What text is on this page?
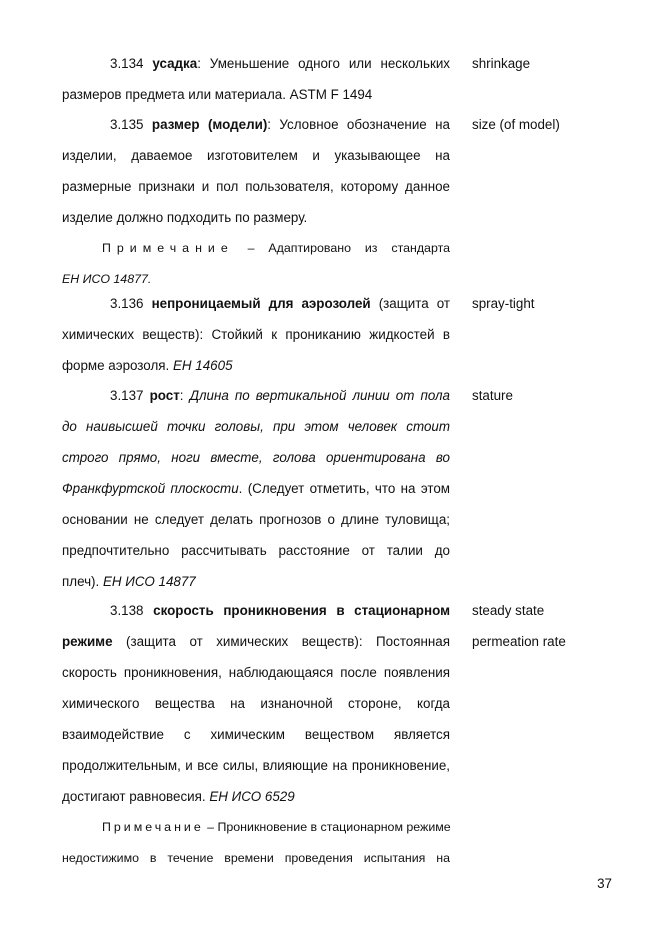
3.134 усадка: Уменьшение одного или нескольких
размеров предмета или материала. ASTM F 1494
shrinkage
3.135 размер (модели): Условное обозначение на
изделии, даваемое изготовителем и указывающее на
размерные признаки и пол пользователя, которому данное
изделие должно подходить по размеру.
Примечание – Адаптировано из стандарта
ЕН ИСО 14877.
size (of model)
3.136 непроницаемый для аэрозолей (защита от
химических веществ): Стойкий к прониканию жидкостей в
форме аэрозоля. ЕН 14605
spray-tight
3.137 рост: Длина по вертикальной линии от пола
до наивысшей точки головы, при этом человек стоит
строго прямо, ноги вместе, голова ориентирована во
Франкфуртской плоскости. (Следует отметить, что на этом
основании не следует делать прогнозов о длине туловища;
предпочтительно рассчитывать расстояние от талии до
плеч). ЕН ИСО 14877
stature
3.138 скорость проникновения в стационарном
режиме (защита от химических веществ): Постоянная
скорость проникновения, наблюдающаяся после появления
химического вещества на изнаночной стороне, когда
взаимодействие с химическим веществом является
продолжительным, и все силы, влияющие на проникновение,
достигают равновесия. ЕН ИСО 6529
Примечание – Проникновение в стационарном режиме
недостижимо в течение времени проведения испытания на
steady state
permeation rate
37
